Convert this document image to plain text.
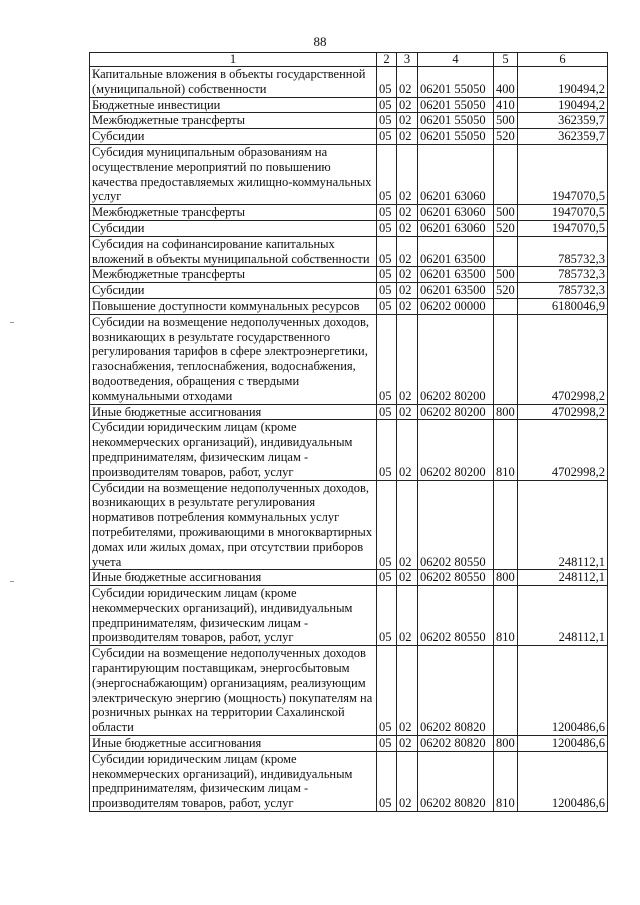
88
1	2	3	4	5	6
Капитальные вложения в объекты государственной (муниципальной) собственности	05	02	06201 55050	400	190494,2
Бюджетные инвестиции	05	02	06201 55050	410	190494,2
Межбюджетные трансферты	05	02	06201 55050	500	362359,7
Субсидии	05	02	06201 55050	520	362359,7
Субсидия муниципальным образованиям на осуществление мероприятий по повышению качества предоставляемых жилищно-коммунальных услуг	05	02	06201 63060		1947070,5
Межбюджетные трансферты	05	02	06201 63060	500	1947070,5
Субсидии	05	02	06201 63060	520	1947070,5
Субсидия на софинансирование капитальных вложений в объекты муниципальной собственности	05	02	06201 63500		785732,3
Межбюджетные трансферты	05	02	06201 63500	500	785732,3
Субсидии	05	02	06201 63500	520	785732,3
Повышение доступности коммунальных ресурсов	05	02	06202 00000		6180046,9
Субсидии на возмещение недополученных доходов, возникающих в результате государственного регулирования тарифов в сфере электроэнергетики, газоснабжения, теплоснабжения, водоснабжения, водоотведения, обращения с твердыми коммунальными отходами	05	02	06202 80200		4702998,2
Иные бюджетные ассигнования	05	02	06202 80200	800	4702998,2
Субсидии юридическим лицам (кроме некоммерческих организаций), индивидуальным предпринимателям, физическим лицам - производителям товаров, работ, услуг	05	02	06202 80200	810	4702998,2
Субсидии на возмещение недополученных доходов, возникающих в результате регулирования нормативов потребления коммунальных услуг потребителями, проживающими в многоквартирных домах или жилых домах, при отсутствии приборов учета	05	02	06202 80550		248112,1
Иные бюджетные ассигнования	05	02	06202 80550	800	248112,1
Субсидии юридическим лицам (кроме некоммерческих организаций), индивидуальным предпринимателям, физическим лицам - производителям товаров, работ, услуг	05	02	06202 80550	810	248112,1
Субсидии на возмещение недополученных доходов гарантирующим поставщикам, энергосбытовым (энергоснабжающим) организациям, реализующим электрическую энергию (мощность) покупателям на розничных рынках на территории Сахалинской области	05	02	06202 80820		1200486,6
Иные бюджетные ассигнования	05	02	06202 80820	800	1200486,6
Субсидии юридическим лицам (кроме некоммерческих организаций), индивидуальным предпринимателям, физическим лицам - производителям товаров, работ, услуг	05	02	06202 80820	810	1200486,6
